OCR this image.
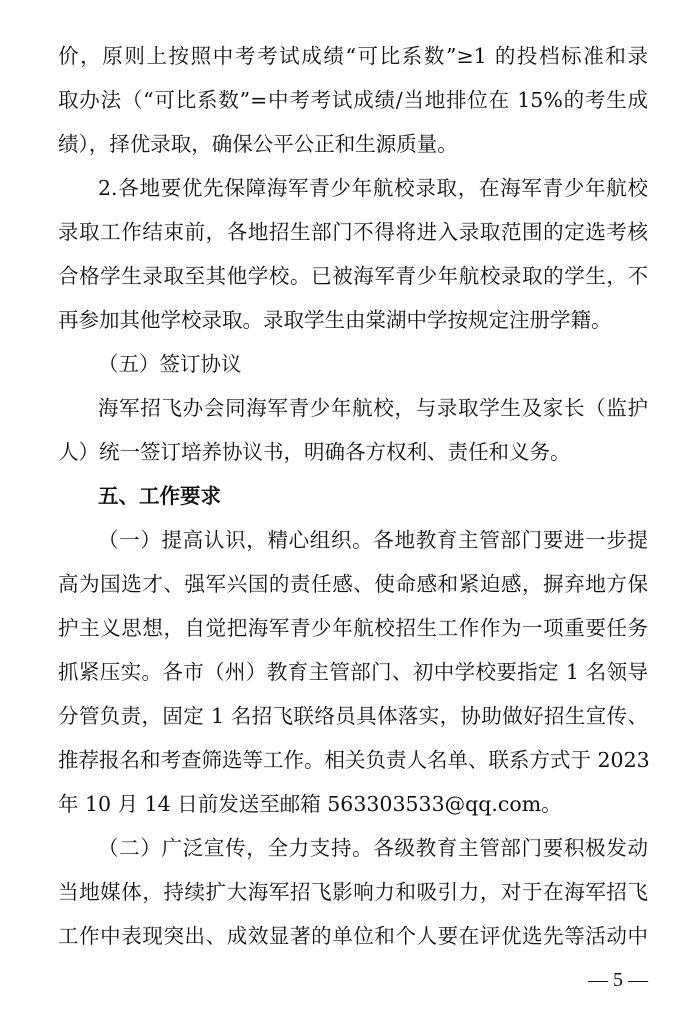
价，原则上按照中考考试成绩“可比系数”≥1 的投档标准和录
取办法（“可比系数”=中考考试成绩/当地排位在 15%的考生成
绩），择优录取，确保公平公正和生源质量。
2.各地要优先保障海军青少年航校录取，在海军青少年航校
录取工作结束前，各地招生部门不得将进入录取范围的定选考核
合格学生录取至其他学校。已被海军青少年航校录取的学生，不
再参加其他学校录取。录取学生由棠湖中学按规定注册学籍。
（五）签订协议
海军招飞办会同海军青少年航校，与录取学生及家长（监护
人）统一签订培养协议书，明确各方权利、责任和义务。
五、工作要求
（一）提高认识，精心组织。各地教育主管部门要进一步提
高为国选才、强军兴国的责任感、使命感和紧迫感，摒弃地方保
护主义思想，自觉把海军青少年航校招生工作作为一项重要任务
抓紧压实。各市（州）教育主管部门、初中学校要指定 1 名领导
分管负责，固定 1 名招飞联络员具体落实，协助做好招生宣传、
推荐报名和考查筛选等工作。相关负责人名单、联系方式于 2023
年 10 月 14 日前发送至邮箱 563303533@qq.com。
（二）广泛宣传，全力支持。各级教育主管部门要积极发动
当地媒体，持续扩大海军招飞影响力和吸引力，对于在海军招飞
工作中表现突出、成效显著的单位和个人要在评优选先等活动中
— 5 —
